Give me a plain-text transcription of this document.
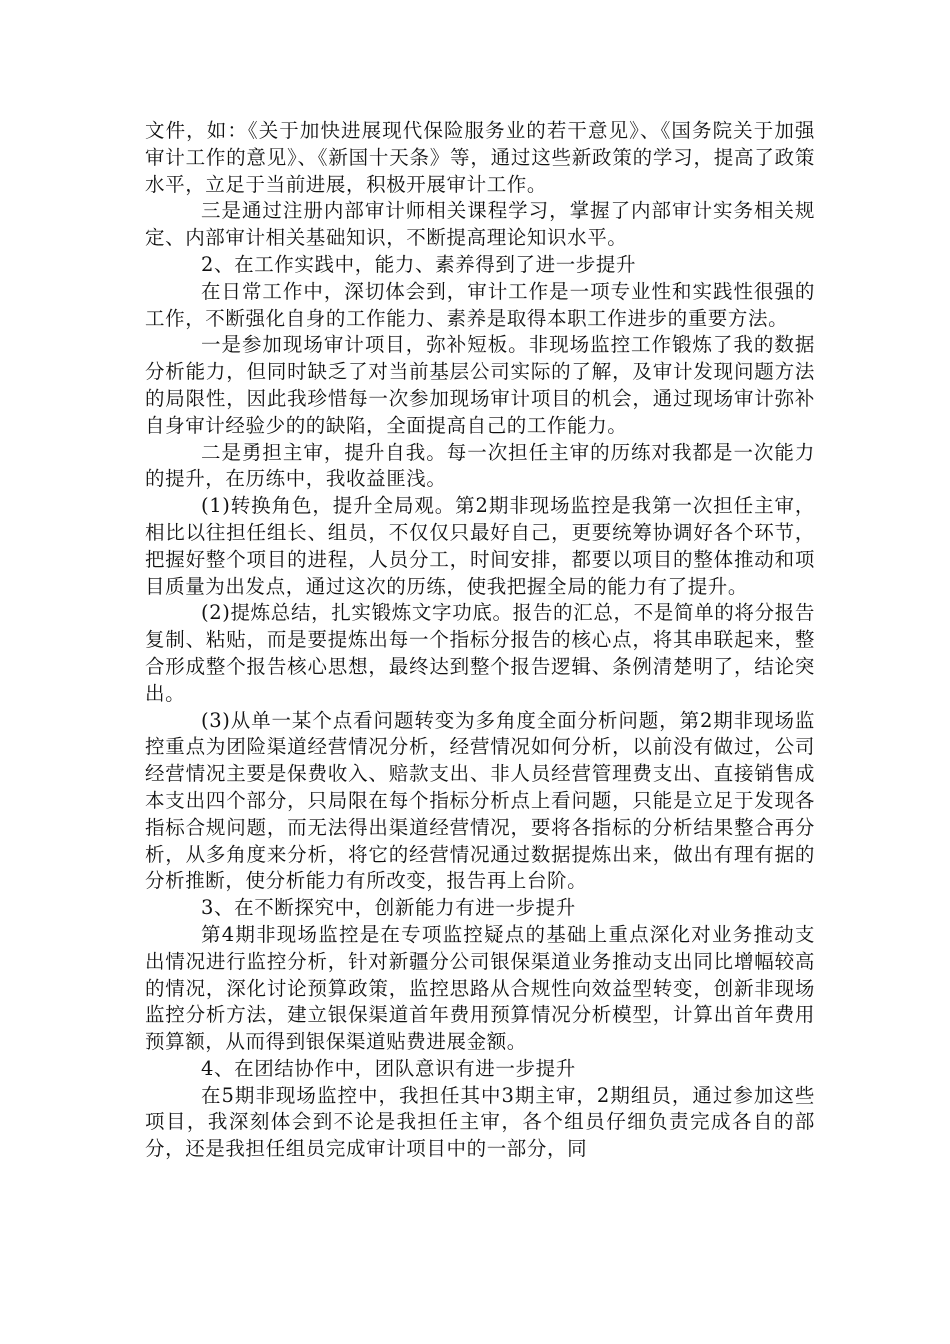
文件，如：《关于加快进展现代保险服务业的若干意见》、《国务院关于加强审计工作的意见》、《新国十天条》等，通过这些新政策的学习，提高了政策水平，立足于当前进展，积极开展审计工作。

三是通过注册内部审计师相关课程学习，掌握了内部审计实务相关规定、内部审计相关基础知识，不断提高理论知识水平。

2、在工作实践中，能力、素养得到了进一步提升

在日常工作中，深切体会到，审计工作是一项专业性和实践性很强的工作，不断强化自身的工作能力、素养是取得本职工作进步的重要方法。

一是参加现场审计项目，弥补短板。非现场监控工作锻炼了我的数据分析能力，但同时缺乏了对当前基层公司实际的了解，及审计发现问题方法的局限性，因此我珍惜每一次参加现场审计项目的机会，通过现场审计弥补自身审计经验少的的缺陷，全面提高自己的工作能力。

二是勇担主审，提升自我。每一次担任主审的历练对我都是一次能力的提升，在历练中，我收益匪浅。

(1)转换角色，提升全局观。第2期非现场监控是我第一次担任主审，相比以往担任组长、组员，不仅仅只最好自己，更要统筹协调好各个环节，把握好整个项目的进程，人员分工，时间安排，都要以项目的整体推动和项目质量为出发点，通过这次的历练，使我把握全局的能力有了提升。

(2)提炼总结，扎实锻炼文字功底。报告的汇总，不是简单的将分报告复制、粘贴，而是要提炼出每一个指标分报告的核心点，将其串联起来，整合形成整个报告核心思想，最终达到整个报告逻辑、条例清楚明了，结论突出。

(3)从单一某个点看问题转变为多角度全面分析问题，第2期非现场监控重点为团险渠道经营情况分析，经营情况如何分析，以前没有做过，公司经营情况主要是保费收入、赔款支出、非人员经营管理费支出、直接销售成本支出四个部分，只局限在每个指标分析点上看问题，只能是立足于发现各指标合规问题，而无法得出渠道经营情况，要将各指标的分析结果整合再分析，从多角度来分析，将它的经营情况通过数据提炼出来，做出有理有据的分析推断，使分析能力有所改变，报告再上台阶。

3、在不断探究中，创新能力有进一步提升

第4期非现场监控是在专项监控疑点的基础上重点深化对业务推动支出情况进行监控分析，针对新疆分公司银保渠道业务推动支出同比增幅较高的情况，深化讨论预算政策，监控思路从合规性向效益型转变，创新非现场监控分析方法，建立银保渠道首年费用预算情况分析模型，计算出首年费用预算额，从而得到银保渠道贴费进展金额。

4、在团结协作中，团队意识有进一步提升

在5期非现场监控中，我担任其中3期主审，2期组员，通过参加这些项目，我深刻体会到不论是我担任主审，各个组员仔细负责完成各自的部分，还是我担任组员完成审计项目中的一部分，同
